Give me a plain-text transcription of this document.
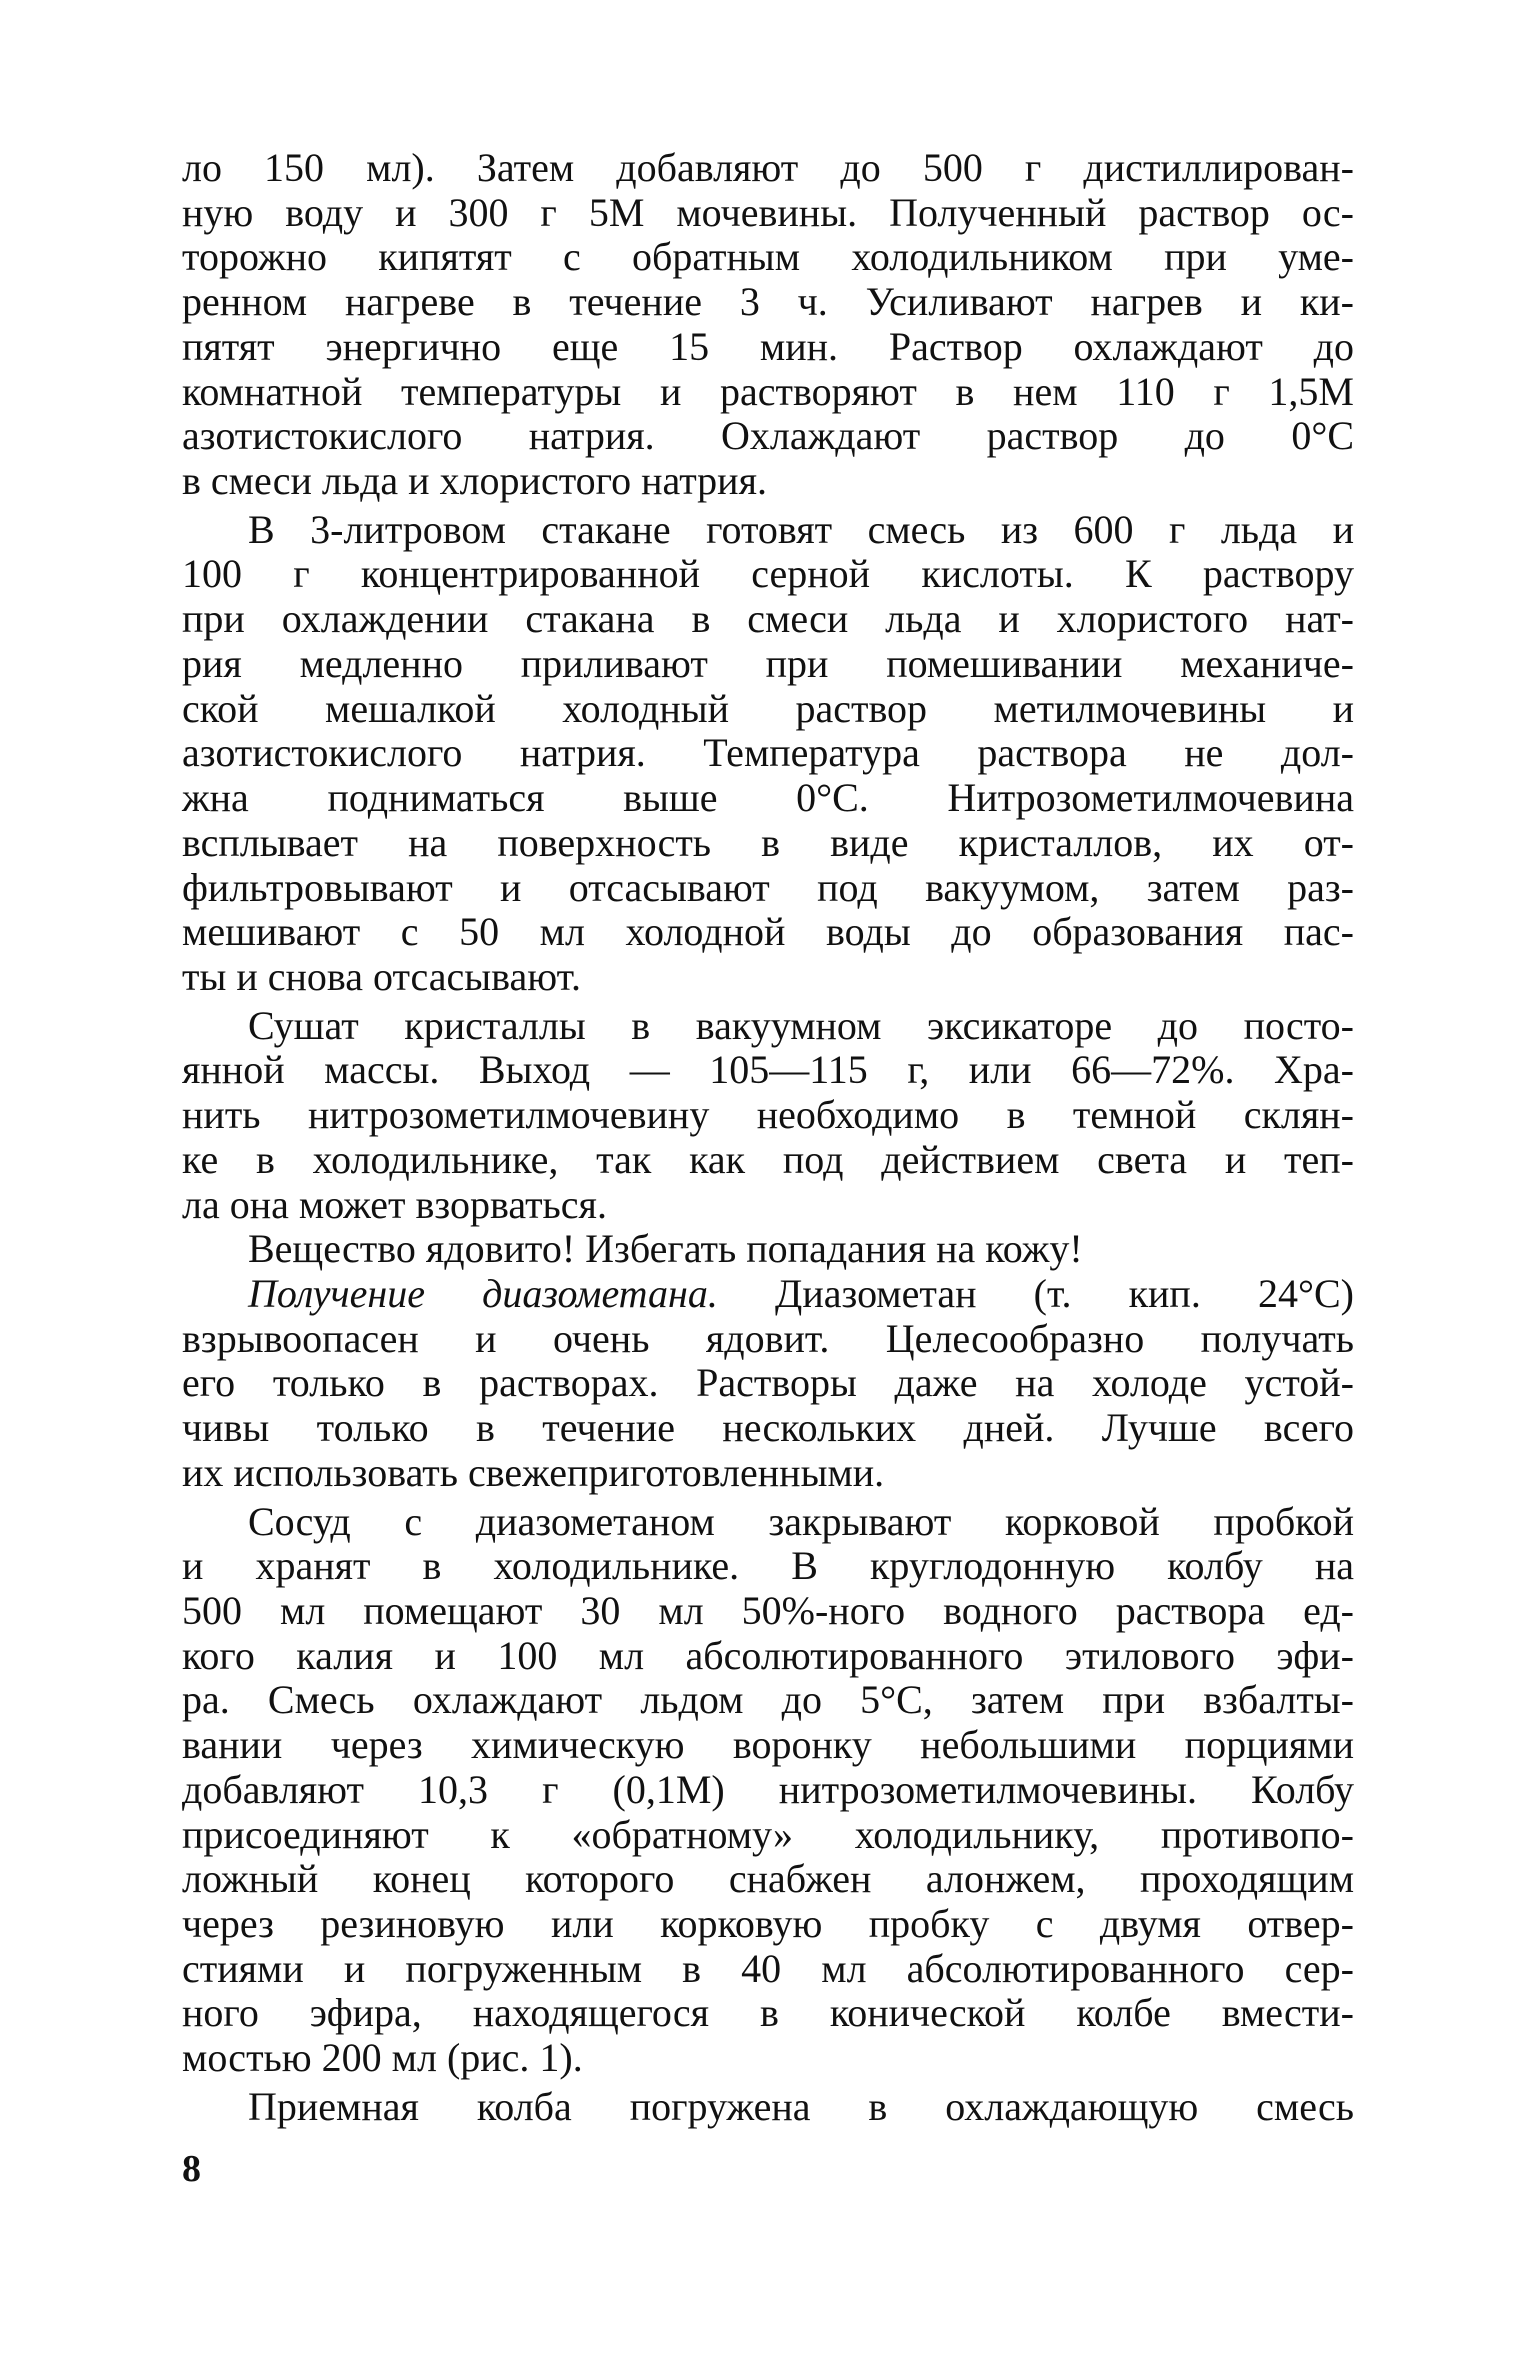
ло 150 мл). Затем добавляют до 500 г дистиллирован-
ную воду и 300 г 5М мочевины. Полученный раствор ос-
торожно кипятят с обратным холодильником при уме-
ренном нагреве в течение 3 ч. Усиливают нагрев и ки-
пятят энергично еще 15 мин. Раствор охлаждают до
комнатной температуры и растворяют в нем 110 г 1,5М
азотистокислого натрия. Охлаждают раствор до 0°С
в смеси льда и хлористого натрия.
В 3-литровом стакане готовят смесь из 600 г льда и
100 г концентрированной серной кислоты. К раствору
при охлаждении стакана в смеси льда и хлористого нат-
рия медленно приливают при помешивании механиче-
ской мешалкой холодный раствор метилмочевины и
азотистокислого натрия. Температура раствора не дол-
жна подниматься выше 0°С. Нитрозометилмочевина
всплывает на поверхность в виде кристаллов, их от-
фильтровывают и отсасывают под вакуумом, затем раз-
мешивают с 50 мл холодной воды до образования пас-
ты и снова отсасывают.
Сушат кристаллы в вакуумном эксикаторе до посто-
янной массы. Выход — 105—115 г, или 66—72%. Хра-
нить нитрозометилмочевину необходимо в темной склян-
ке в холодильнике, так как под действием света и теп-
ла она может взорваться.
Вещество ядовито! Избегать попадания на кожу!
Получение диазометана. Диазометан (т. кип. 24°С)
взрывоопасен и очень ядовит. Целесообразно получать
его только в растворах. Растворы даже на холоде устой-
чивы только в течение нескольких дней. Лучше всего
их использовать свежеприготовленными.
Сосуд с диазометаном закрывают корковой пробкой
и хранят в холодильнике. В круглодонную колбу на
500 мл помещают 30 мл 50%-ного водного раствора ед-
кого калия и 100 мл абсолютированного этилового эфи-
ра. Смесь охлаждают льдом до 5°С, затем при взбалты-
вании через химическую воронку небольшими порциями
добавляют 10,3 г (0,1М) нитрозометилмочевины. Колбу
присоединяют к «обратному» холодильнику, противопо-
ложный конец которого снабжен алонжем, проходящим
через резиновую или корковую пробку с двумя отвер-
стиями и погруженным в 40 мл абсолютированного сер-
ного эфира, находящегося в конической колбе вмести-
мостью 200 мл (рис. 1).
Приемная колба погружена в охлаждающую смесь
8
